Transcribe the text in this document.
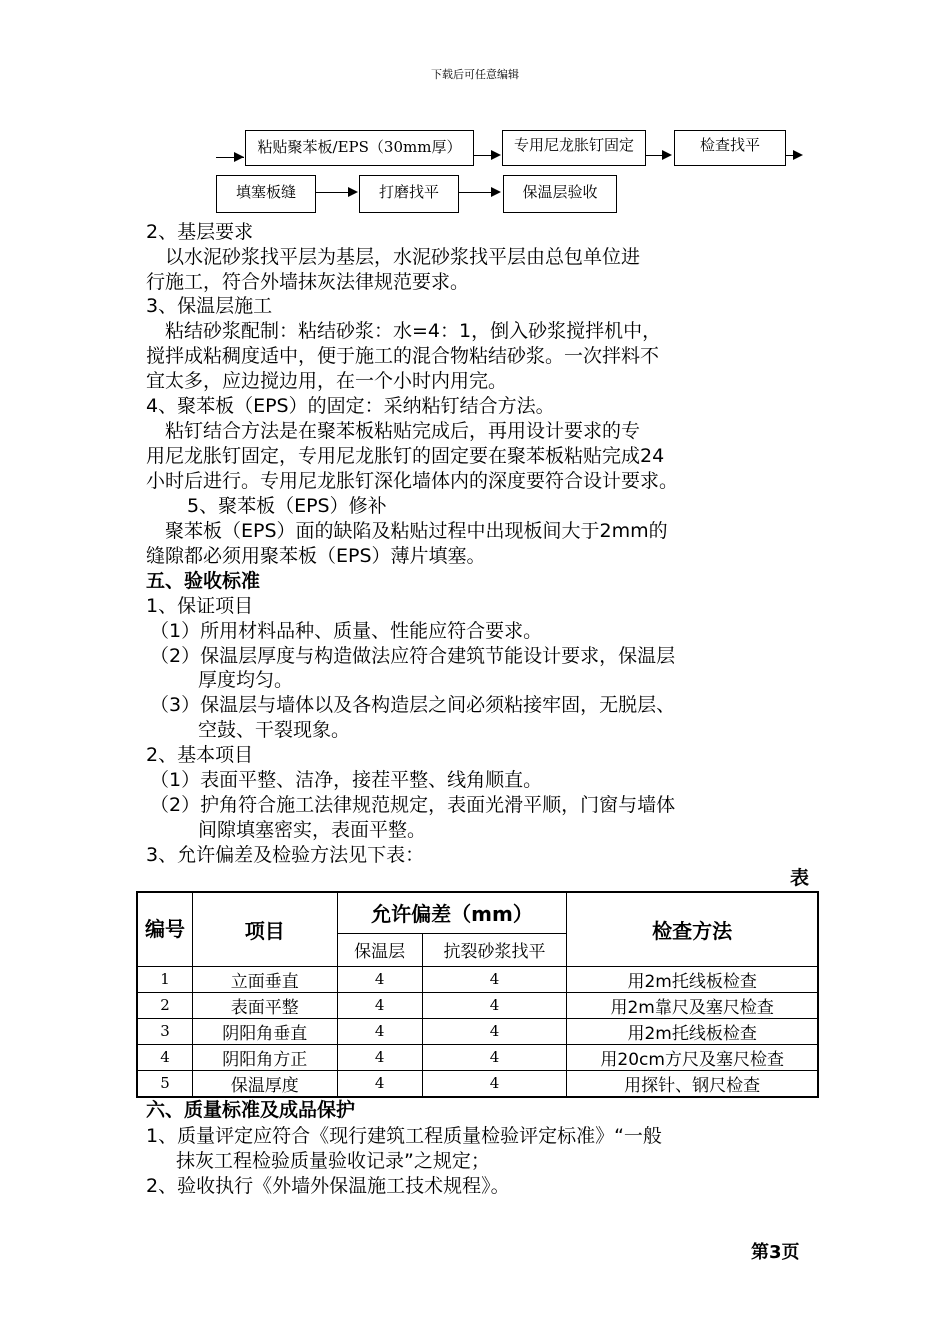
下载后可任意编辑
粘贴聚苯板/EPS（30mm厚）	专用尼龙胀钉固定	检查找平
填塞板缝	打磨找平	保温层验收
2、基层要求
　以水泥砂浆找平层为基层，水泥砂浆找平层由总包单位进
行施工，符合外墙抹灰法律规范要求。
3、保温层施工
　粘结砂浆配制：粘结砂浆：水=4：1，倒入砂浆搅拌机中，
搅拌成粘稠度适中，便于施工的混合物粘结砂浆。一次拌料不
宜太多，应边搅边用，在一个小时内用完。
4、聚苯板（EPS）的固定：采纳粘钉结合方法。
　粘钉结合方法是在聚苯板粘贴完成后，再用设计要求的专
用尼龙胀钉固定，专用尼龙胀钉的固定要在聚苯板粘贴完成24
小时后进行。专用尼龙胀钉深化墙体内的深度要符合设计要求。
　5、聚苯板（EPS）修补
　聚苯板（EPS）面的缺陷及粘贴过程中出现板间大于2mm的
缝隙都必须用聚苯板（EPS）薄片填塞。
五、验收标准
1、保证项目
（1）所用材料品种、质量、性能应符合要求。
（2）保温层厚度与构造做法应符合建筑节能设计要求，保温层
厚度均匀。
（3）保温层与墙体以及各构造层之间必须粘接牢固，无脱层、
空鼓、干裂现象。
2、基本项目
（1）表面平整、洁净，接茬平整、线角顺直。
（2）护角符合施工法律规范规定，表面光滑平顺，门窗与墙体
间隙填塞密实，表面平整。
3、允许偏差及检验方法见下表：
表
编号	项目	允许偏差（mm）		检查方法
		保温层	抗裂砂浆找平	
1	立面垂直	4	4	用2m托线板检查
2	表面平整	4	4	用2m靠尺及塞尺检查
3	阴阳角垂直	4	4	用2m托线板检查
4	阴阳角方正	4	4	用20cm方尺及塞尺检查
5	保温厚度	4	4	用探针、钢尺检查
六、质量标准及成品保护
1、质量评定应符合《现行建筑工程质量检验评定标准》“一般
抹灰工程检验质量验收记录”之规定；
2、验收执行《外墙外保温施工技术规程》。
第3页
